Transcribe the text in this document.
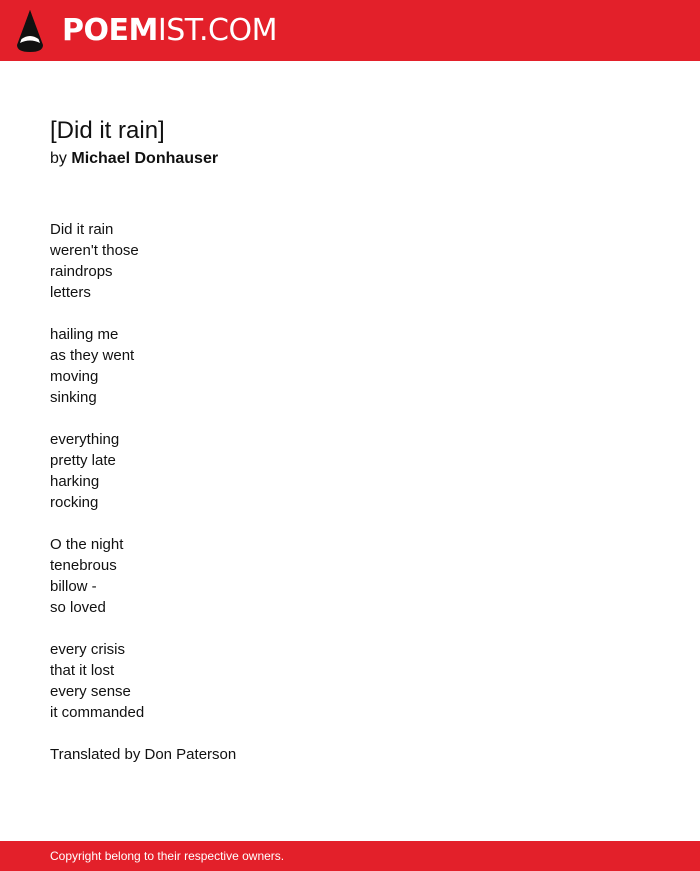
POEMIST.COM
[Did it rain]
by Michael Donhauser
Did it rain
weren't those
raindrops
letters
hailing me
as they went
moving
sinking
everything
pretty late
harking
rocking
O the night
tenebrous
billow -
so loved
every crisis
that it lost
every sense
it commanded
Translated by Don Paterson
Copyright belong to their respective owners.
